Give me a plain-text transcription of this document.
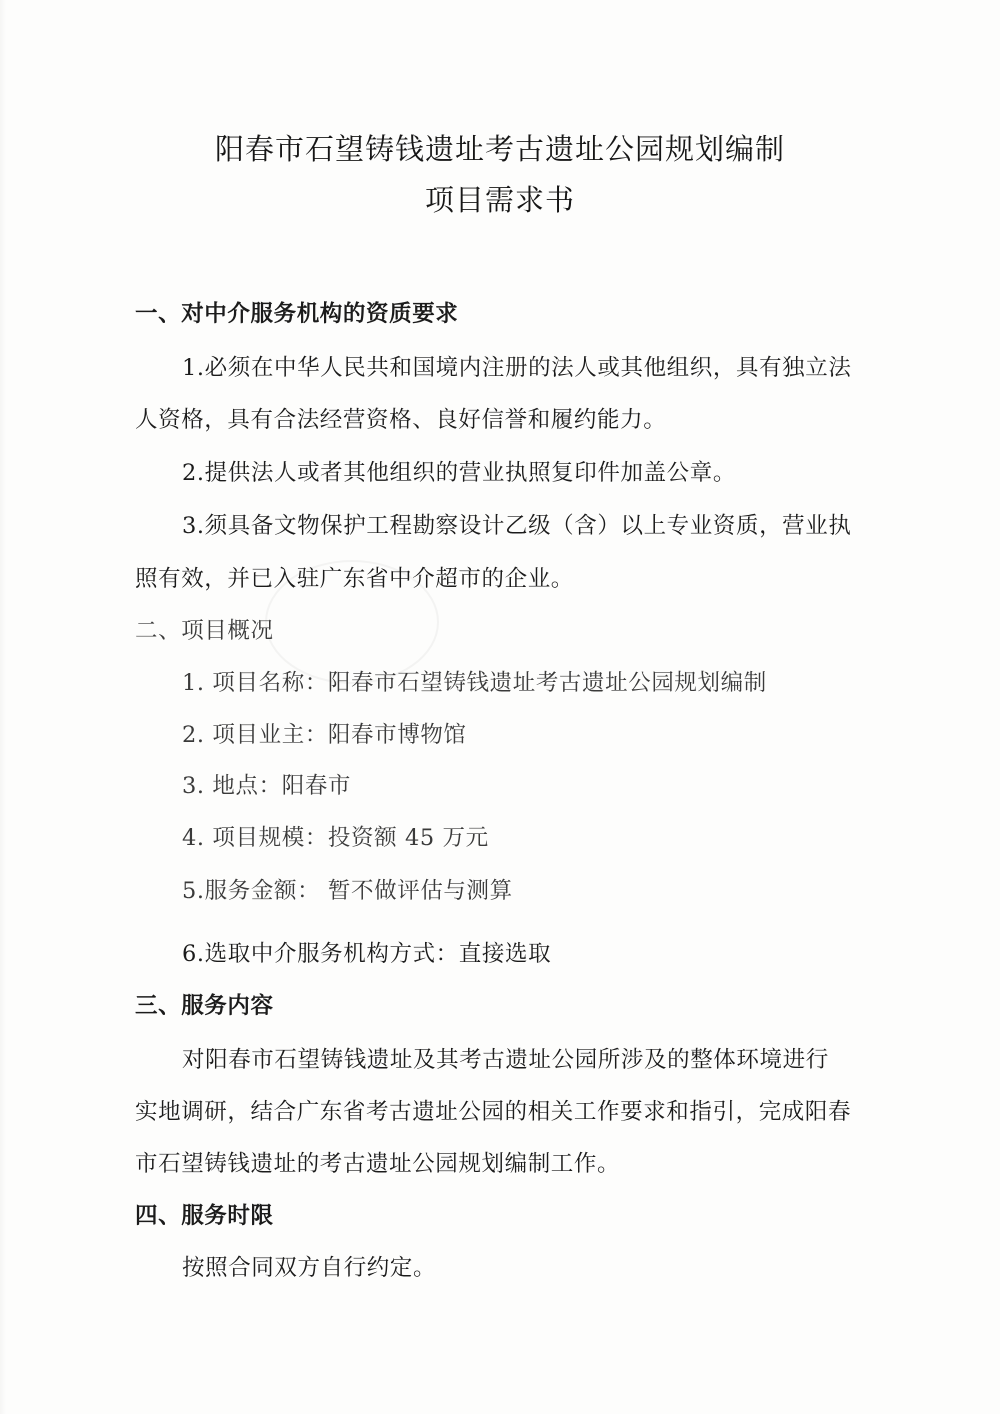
阳春市石望铸钱遗址考古遗址公园规划编制
项目需求书
一、对中介服务机构的资质要求
1.必须在中华人民共和国境内注册的法人或其他组织，具有独立法
人资格，具有合法经营资格、良好信誉和履约能力。
2.提供法人或者其他组织的营业执照复印件加盖公章。
3.须具备文物保护工程勘察设计乙级（含）以上专业资质，营业执
照有效，并已入驻广东省中介超市的企业。
二、项目概况
1. 项目名称：阳春市石望铸钱遗址考古遗址公园规划编制
2. 项目业主：阳春市博物馆
3. 地点：阳春市
4. 项目规模：投资额 45 万元
5.服务金额： 暂不做评估与测算
6.选取中介服务机构方式：直接选取
三、服务内容
对阳春市石望铸钱遗址及其考古遗址公园所涉及的整体环境进行
实地调研，结合广东省考古遗址公园的相关工作要求和指引，完成阳春
市石望铸钱遗址的考古遗址公园规划编制工作。
四、服务时限
按照合同双方自行约定。
